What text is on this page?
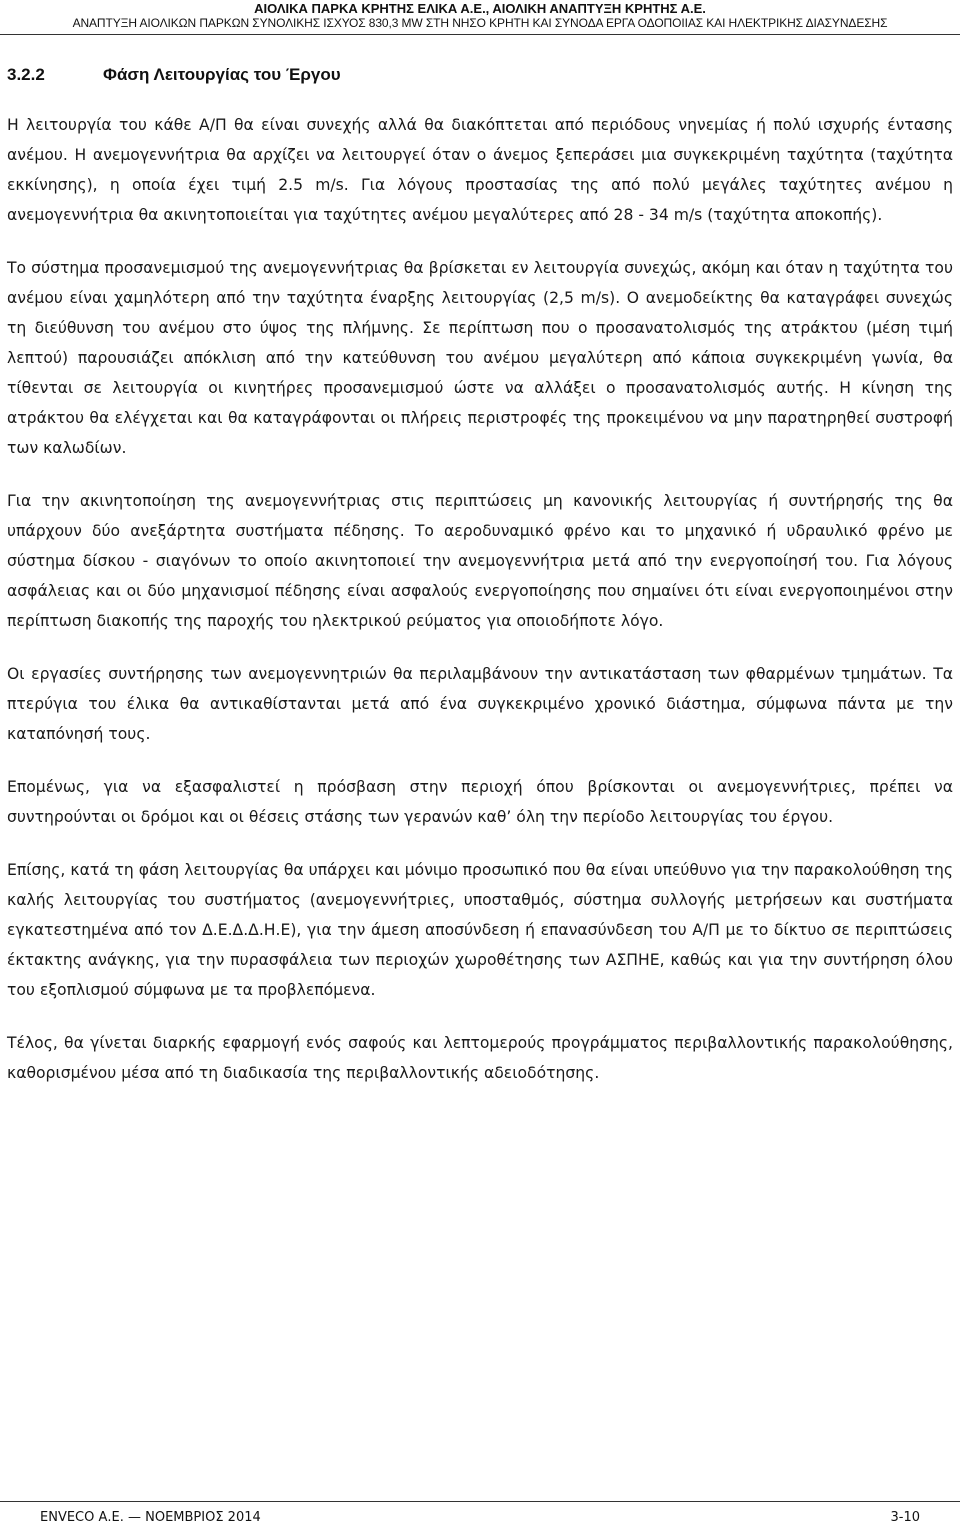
ΑΙΟΛΙΚΑ ΠΑΡΚΑ ΚΡΗΤΗΣ ΕΛΙΚΑ Α.Ε., ΑΙΟΛΙΚΗ ΑΝΑΠΤΥΞΗ ΚΡΗΤΗΣ Α.Ε.
ΑΝΑΠΤΥΞΗ ΑΙΟΛΙΚΩΝ ΠΑΡΚΩΝ ΣΥΝΟΛΙΚΗΣ ΙΣΧΥΟΣ 830,3 MW ΣΤΗ ΝΗΣΟ ΚΡΗΤΗ ΚΑΙ ΣΥΝΟΔΑ ΕΡΓΑ ΟΔΟΠΟΙΙΑΣ ΚΑΙ ΗΛΕΚΤΡΙΚΗΣ ΔΙΑΣΥΝΔΕΣΗΣ
3.2.2	Φάση Λειτουργίας του Έργου

Η λειτουργία του κάθε Α/Π θα είναι συνεχής αλλά θα διακόπτεται από περιόδους νηνεμίας ή πολύ ισχυρής έντασης ανέμου. Η ανεμογεννήτρια θα αρχίζει να λειτουργεί όταν ο άνεμος ξεπεράσει μια συγκεκριμένη ταχύτητα (ταχύτητα εκκίνησης), η οποία έχει τιμή 2.5 m/s. Για λόγους προστασίας της από πολύ μεγάλες ταχύτητες ανέμου η ανεμογεννήτρια θα ακινητοποιείται για ταχύτητες ανέμου μεγαλύτερες από 28 - 34 m/s (ταχύτητα αποκοπής).

Το σύστημα προσανεμισμού της ανεμογεννήτριας θα βρίσκεται εν λειτουργία συνεχώς, ακόμη και όταν η ταχύτητα του ανέμου είναι χαμηλότερη από την ταχύτητα έναρξης λειτουργίας (2,5 m/s). Ο ανεμοδείκτης θα καταγράφει συνεχώς τη διεύθυνση του ανέμου στο ύψος της πλήμνης. Σε περίπτωση που ο προσανατολισμός της ατράκτου (μέση τιμή λεπτού) παρουσιάζει απόκλιση από την κατεύθυνση του ανέμου μεγαλύτερη από κάποια συγκεκριμένη γωνία, θα τίθενται σε λειτουργία οι κινητήρες προσανεμισμού ώστε να αλλάξει ο προσανατολισμός αυτής. Η κίνηση της ατράκτου θα ελέγχεται και θα καταγράφονται οι πλήρεις περιστροφές της προκειμένου να μην παρατηρηθεί συστροφή των καλωδίων.

Για την ακινητοποίηση της ανεμογεννήτριας στις περιπτώσεις μη κανονικής λειτουργίας ή συντήρησής της θα υπάρχουν δύο ανεξάρτητα συστήματα πέδησης. Το αεροδυναμικό φρένο και το μηχανικό ή υδραυλικό φρένο με σύστημα δίσκου - σιαγόνων το οποίο ακινητοποιεί την ανεμογεννήτρια μετά από την ενεργοποίησή του. Για λόγους ασφάλειας και οι δύο μηχανισμοί πέδησης είναι ασφαλούς ενεργοποίησης που σημαίνει ότι είναι ενεργοποιημένοι στην περίπτωση διακοπής της παροχής του ηλεκτρικού ρεύματος για οποιοδήποτε λόγο.

Οι εργασίες συντήρησης των ανεμογεννητριών θα περιλαμβάνουν την αντικατάσταση των φθαρμένων τμημάτων. Τα πτερύγια του έλικα θα αντικαθίστανται μετά από ένα συγκεκριμένο χρονικό διάστημα, σύμφωνα πάντα με την καταπόνησή τους.

Επομένως, για να εξασφαλιστεί η πρόσβαση στην περιοχή όπου βρίσκονται οι ανεμογεννήτριες, πρέπει να συντηρούνται οι δρόμοι και οι θέσεις στάσης των γερανών καθ’ όλη την περίοδο λειτουργίας του έργου.

Επίσης, κατά τη φάση λειτουργίας θα υπάρχει και μόνιμο προσωπικό που θα είναι υπεύθυνο για την παρακολούθηση της καλής λειτουργίας του συστήματος (ανεμογεννήτριες, υποσταθμός, σύστημα συλλογής μετρήσεων και συστήματα εγκατεστημένα από τον Δ.Ε.Δ.Δ.Η.Ε), για την άμεση αποσύνδεση ή επανασύνδεση του Α/Π με το δίκτυο σε περιπτώσεις έκτακτης ανάγκης, για την πυρασφάλεια των περιοχών χωροθέτησης των ΑΣΠΗΕ, καθώς και για την συντήρηση όλου του εξοπλισμού σύμφωνα με τα προβλεπόμενα.

Τέλος, θα γίνεται διαρκής εφαρμογή ενός σαφούς και λεπτομερούς προγράμματος περιβαλλοντικής παρακολούθησης, καθορισμένου μέσα από τη διαδικασία της περιβαλλοντικής αδειοδότησης.

ENVECO Α.Ε. — ΝΟΕΜΒΡΙΟΣ 2014	3-10
